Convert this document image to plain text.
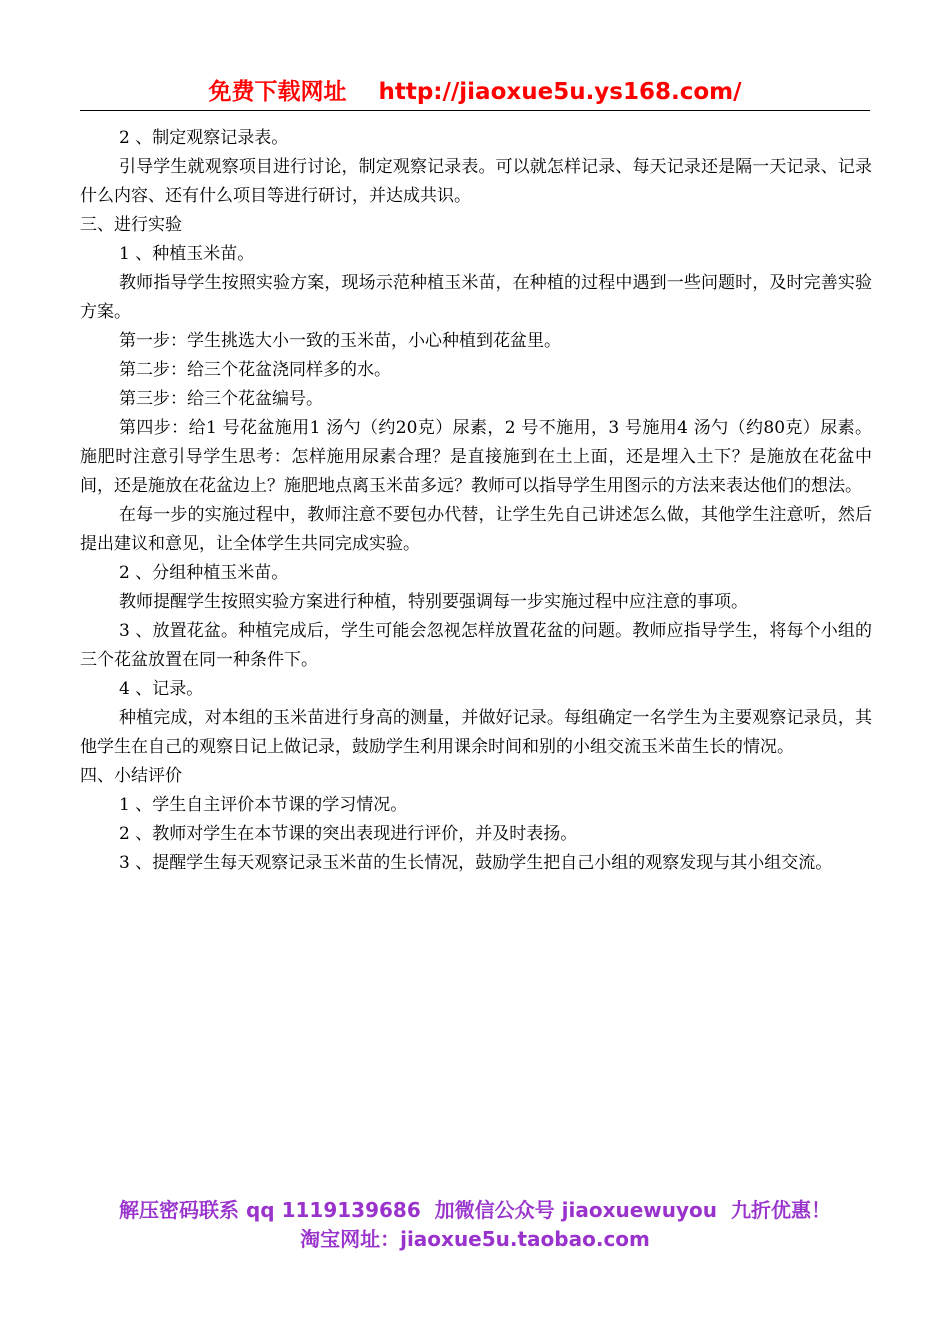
免费下载网址 http://jiaoxue5u.ys168.com/

2 、制定观察记录表。

引导学生就观察项目进行讨论，制定观察记录表。可以就怎样记录、每天记录还是隔一天记录、记录什么内容、还有什么项目等进行研讨，并达成共识。

三、进行实验

1 、种植玉米苗。

教师指导学生按照实验方案，现场示范种植玉米苗，在种植的过程中遇到一些问题时，及时完善实验方案。

第一步：学生挑选大小一致的玉米苗，小心种植到花盆里。

第二步：给三个花盆浇同样多的水。

第三步：给三个花盆编号。

第四步：给1 号花盆施用1 汤勺（约20克）尿素，2 号不施用，3 号施用4 汤勺（约80克）尿素。施肥时注意引导学生思考：怎样施用尿素合理？是直接施到在土上面，还是埋入土下？是施放在花盆中间，还是施放在花盆边上？施肥地点离玉米苗多远？教师可以指导学生用图示的方法来表达他们的想法。

在每一步的实施过程中，教师注意不要包办代替，让学生先自己讲述怎么做，其他学生注意听，然后提出建议和意见，让全体学生共同完成实验。

2 、分组种植玉米苗。

教师提醒学生按照实验方案进行种植，特别要强调每一步实施过程中应注意的事项。

3 、放置花盆。种植完成后，学生可能会忽视怎样放置花盆的问题。教师应指导学生，将每个小组的三个花盆放置在同一种条件下。

4 、记录。

种植完成，对本组的玉米苗进行身高的测量，并做好记录。每组确定一名学生为主要观察记录员，其他学生在自己的观察日记上做记录，鼓励学生利用课余时间和别的小组交流玉米苗生长的情况。

四、小结评价

1 、学生自主评价本节课的学习情况。

2 、教师对学生在本节课的突出表现进行评价，并及时表扬。

3 、提醒学生每天观察记录玉米苗的生长情况，鼓励学生把自己小组的观察发现与其小组交流。

解压密码联系 qq 1119139686  加微信公众号 jiaoxuewuyou  九折优惠！
淘宝网址：jiaoxue5u.taobao.com
